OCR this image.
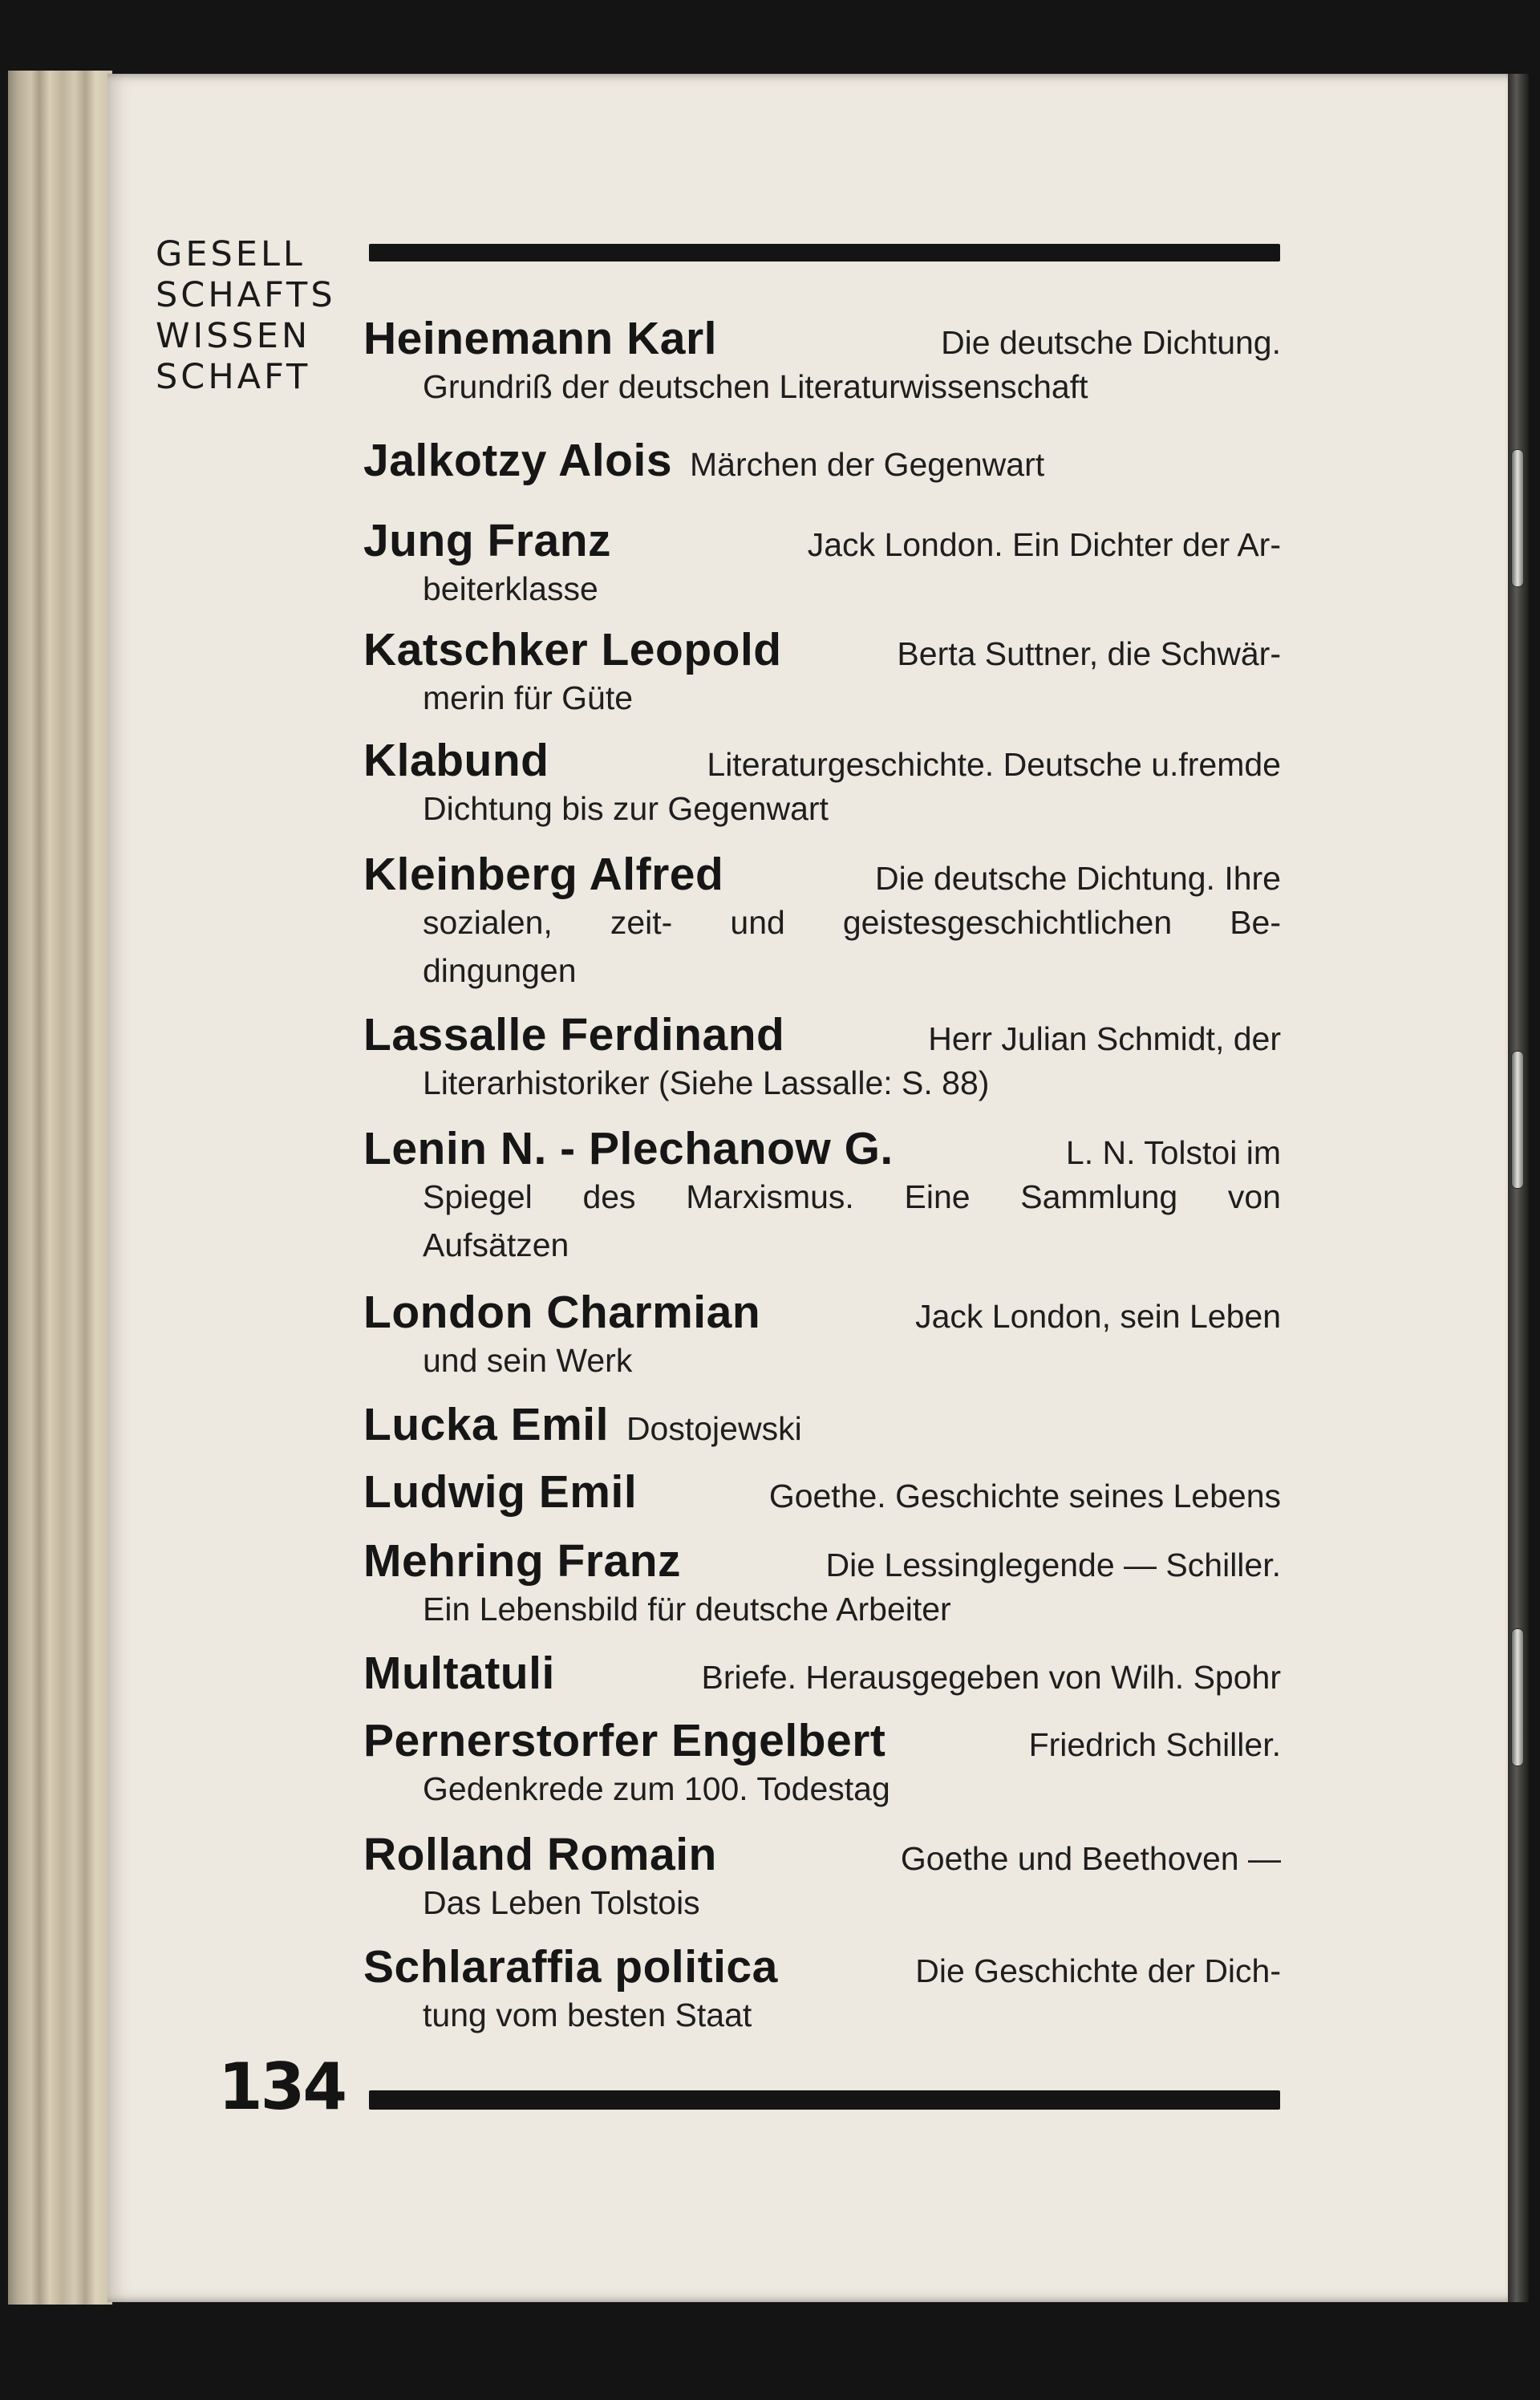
GESELL
SCHAFTS
WISSEN
SCHAFT
Heinemann Karl	Die deutsche Dichtung.
Grundriß der deutschen Literaturwissenschaft
Jalkotzy Alois Märchen der Gegenwart
Jung Franz	Jack London. Ein Dichter der Ar-
beiterklasse
Katschker Leopold	Berta Suttner, die Schwär-
merin für Güte
Klabund	Literaturgeschichte. Deutsche u.fremde
Dichtung bis zur Gegenwart
Kleinberg Alfred	Die deutsche Dichtung. Ihre
sozialen, zeit- und geistesgeschichtlichen Be-
dingungen
Lassalle Ferdinand	Herr Julian Schmidt, der
Literarhistoriker (Siehe Lassalle: S. 88)
Lenin N. - Plechanow G.	L. N. Tolstoi im
Spiegel des Marxismus. Eine Sammlung von
Aufsätzen
London Charmian	Jack London, sein Leben
und sein Werk
Lucka Emil Dostojewski
Ludwig Emil	Goethe. Geschichte seines Lebens
Mehring Franz	Die Lessinglegende — Schiller.
Ein Lebensbild für deutsche Arbeiter
Multatuli	Briefe. Herausgegeben von Wilh. Spohr
Pernerstorfer Engelbert	Friedrich Schiller.
Gedenkrede zum 100. Todestag
Rolland Romain	Goethe und Beethoven —
Das Leben Tolstois
Schlaraffia politica	Die Geschichte der Dich-
tung vom besten Staat
134
